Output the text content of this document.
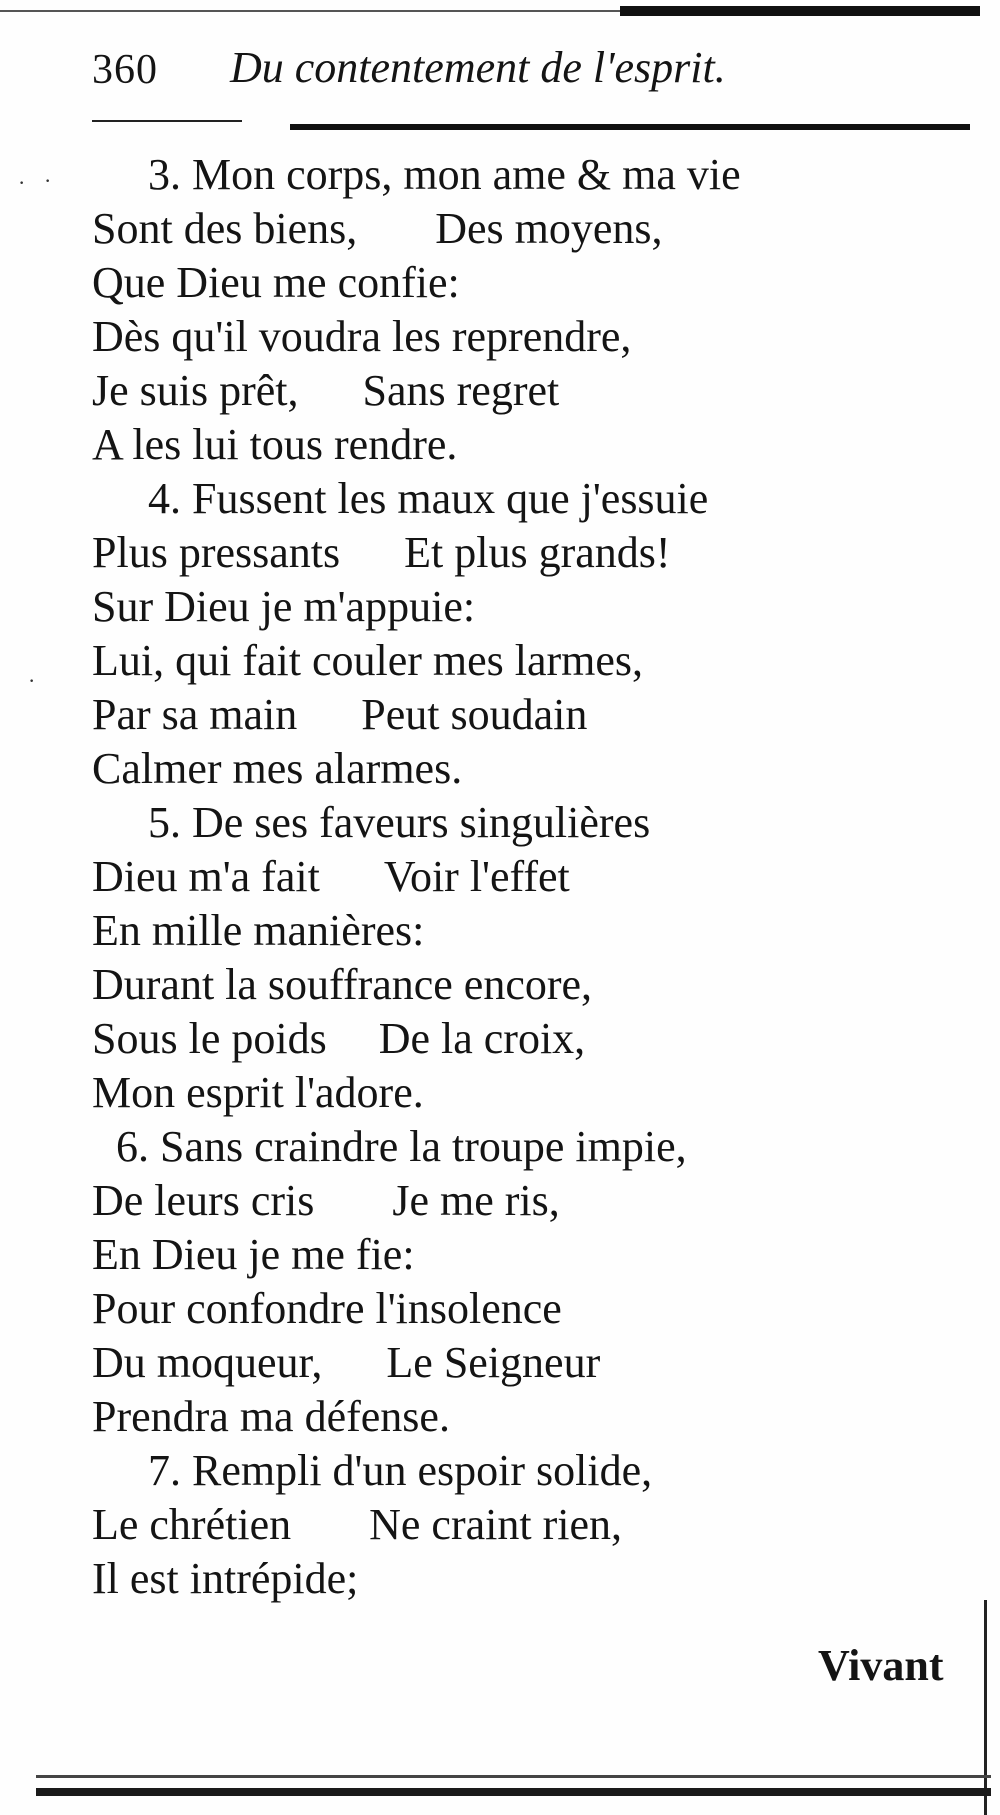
360 Du contentement de l'esprit.
· ·
·
3. Mon corps, mon ame & ma vie
Sont des biens, Des moyens,
Que Dieu me confie:
Dès qu'il voudra les reprendre,
Je suis prêt, Sans regret
A les lui tous rendre.
4. Fussent les maux que j'essuie
Plus pressants Et plus grands!
Sur Dieu je m'appuie:
Lui, qui fait couler mes larmes,
Par sa main Peut soudain
Calmer mes alarmes.
5. De ses faveurs singulières
Dieu m'a fait Voir l'effet
En mille manières:
Durant la souffrance encore,
Sous le poids De la croix,
Mon esprit l'adore.
6. Sans craindre la troupe impie,
De leurs cris Je me ris,
En Dieu je me fie:
Pour confondre l'insolence
Du moqueur, Le Seigneur
Prendra ma défense.
7. Rempli d'un espoir solide,
Le chrétien Ne craint rien,
Il est intrépide;
Vivant
